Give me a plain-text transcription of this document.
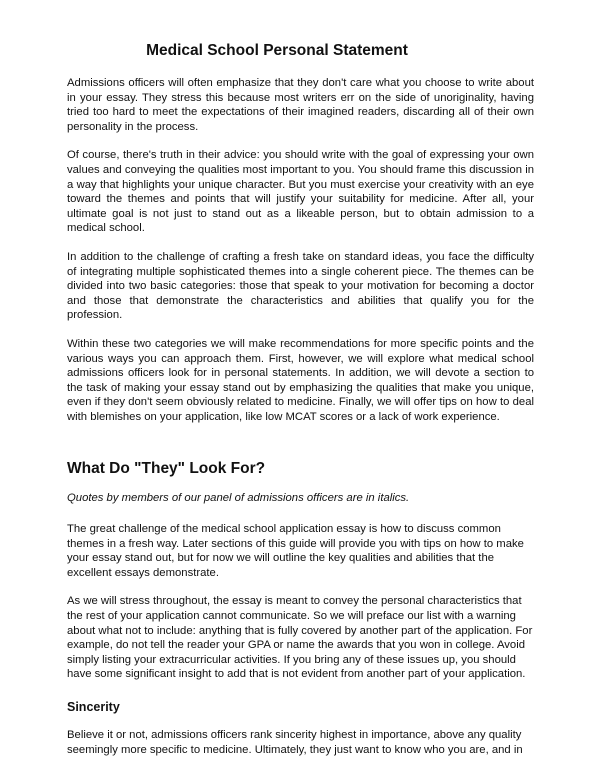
Medical School Personal Statement

Admissions officers will often emphasize that they don't care what you choose to write about in your essay. They stress this because most writers err on the side of unoriginality, having tried too hard to meet the expectations of their imagined readers, discarding all of their own personality in the process.

Of course, there's truth in their advice: you should write with the goal of expressing your own values and conveying the qualities most important to you. You should frame this discussion in a way that highlights your unique character. But you must exercise your creativity with an eye toward the themes and points that will justify your suitability for medicine. After all, your ultimate goal is not just to stand out as a likeable person, but to obtain admission to a medical school.

In addition to the challenge of crafting a fresh take on standard ideas, you face the difficulty of integrating multiple sophisticated themes into a single coherent piece. The themes can be divided into two basic categories: those that speak to your motivation for becoming a doctor and those that demonstrate the characteristics and abilities that qualify you for the profession.

Within these two categories we will make recommendations for more specific points and the various ways you can approach them. First, however, we will explore what medical school admissions officers look for in personal statements. In addition, we will devote a section to the task of making your essay stand out by emphasizing the qualities that make you unique, even if they don't seem obviously related to medicine. Finally, we will offer tips on how to deal with blemishes on your application, like low MCAT scores or a lack of work experience.

What Do "They" Look For?

Quotes by members of our panel of admissions officers are in italics.

The great challenge of the medical school application essay is how to discuss common themes in a fresh way. Later sections of this guide will provide you with tips on how to make your essay stand out, but for now we will outline the key qualities and abilities that the excellent essays demonstrate.

As we will stress throughout, the essay is meant to convey the personal characteristics that the rest of your application cannot communicate. So we will preface our list with a warning about what not to include: anything that is fully covered by another part of the application. For example, do not tell the reader your GPA or name the awards that you won in college. Avoid simply listing your extracurricular activities. If you bring any of these issues up, you should have some significant insight to add that is not evident from another part of your application.

Sincerity

Believe it or not, admissions officers rank sincerity highest in importance, above any quality seemingly more specific to medicine. Ultimately, they just want to know who you are, and in
